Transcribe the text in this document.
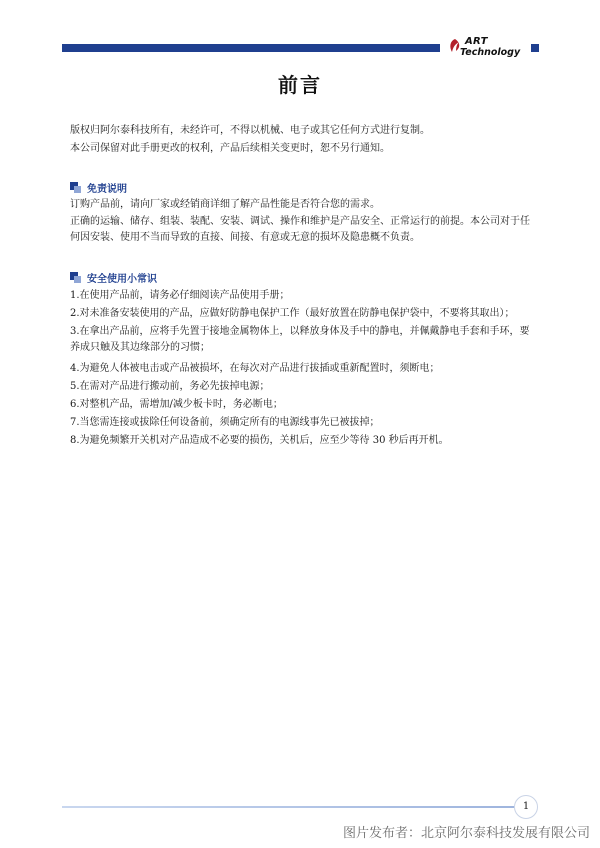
ART
Technology
前言

版权归阿尔泰科技所有，未经许可，不得以机械、电子或其它任何方式进行复制。

本公司保留对此手册更改的权利，产品后续相关变更时，恕不另行通知。

免责说明

订购产品前，请向厂家或经销商详细了解产品性能是否符合您的需求。

正确的运输、储存、组装、装配、安装、调试、操作和维护是产品安全、正常运行的前提。本公司对于任何因安装、使用不当而导致的直接、间接、有意或无意的损坏及隐患概不负责。

安全使用小常识

1.在使用产品前，请务必仔细阅读产品使用手册；

2.对未准备安装使用的产品，应做好防静电保护工作（最好放置在防静电保护袋中，不要将其取出）；

3.在拿出产品前，应将手先置于接地金属物体上，以释放身体及手中的静电，并佩戴静电手套和手环，要养成只触及其边缘部分的习惯；

4.为避免人体被电击或产品被损坏，在每次对产品进行拔插或重新配置时，须断电；

5.在需对产品进行搬动前，务必先拔掉电源；

6.对整机产品，需增加/减少板卡时，务必断电；

7.当您需连接或拔除任何设备前，须确定所有的电源线事先已被拔掉；

8.为避免频繁开关机对产品造成不必要的损伤，关机后，应至少等待 30 秒后再开机。

1
图片发布者：北京阿尔泰科技发展有限公司
